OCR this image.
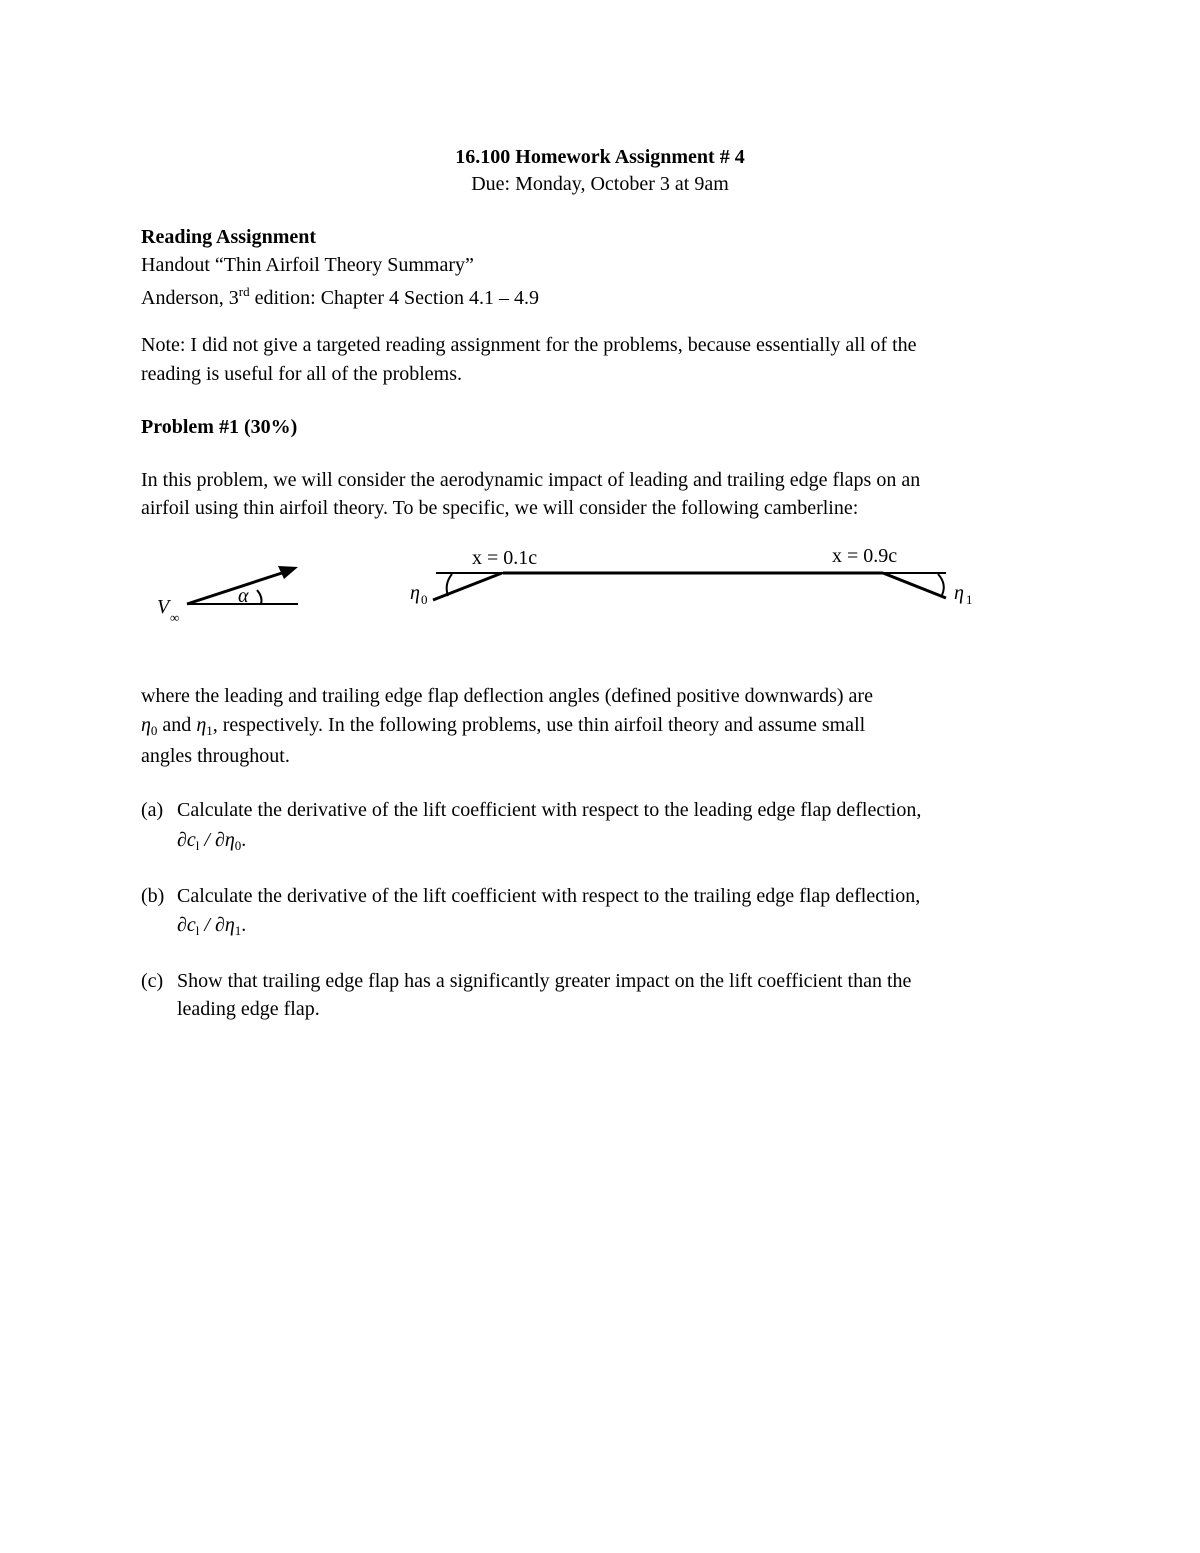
16.100 Homework Assignment # 4
Due: Monday, October 3 at 9am
Reading Assignment
Handout “Thin Airfoil Theory Summary”
Anderson, 3rd edition: Chapter 4 Section 4.1 – 4.9
Note: I did not give a targeted reading assignment for the problems, because essentially all of the
reading is useful for all of the problems.
Problem #1 (30%)
In this problem, we will consider the aerodynamic impact of leading and trailing edge flaps on an
airfoil using thin airfoil theory. To be specific, we will consider the following camberline:
α
V ∞
x = 0.1c	x = 0.9c
η 0	η 1
where the leading and trailing edge flap deflection angles (defined positive downwards) are
$\eta_0$ and $\eta_1$, respectively. In the following problems, use thin airfoil theory and assume small
angles throughout.
(a) Calculate the derivative of the lift coefficient with respect to the leading edge flap deflection,
$\partial c_l / \partial\eta_0$.
(b) Calculate the derivative of the lift coefficient with respect to the trailing edge flap deflection,
$\partial c_l / \partial\eta_1$.
(c) Show that trailing edge flap has a significantly greater impact on the lift coefficient than the
leading edge flap.
